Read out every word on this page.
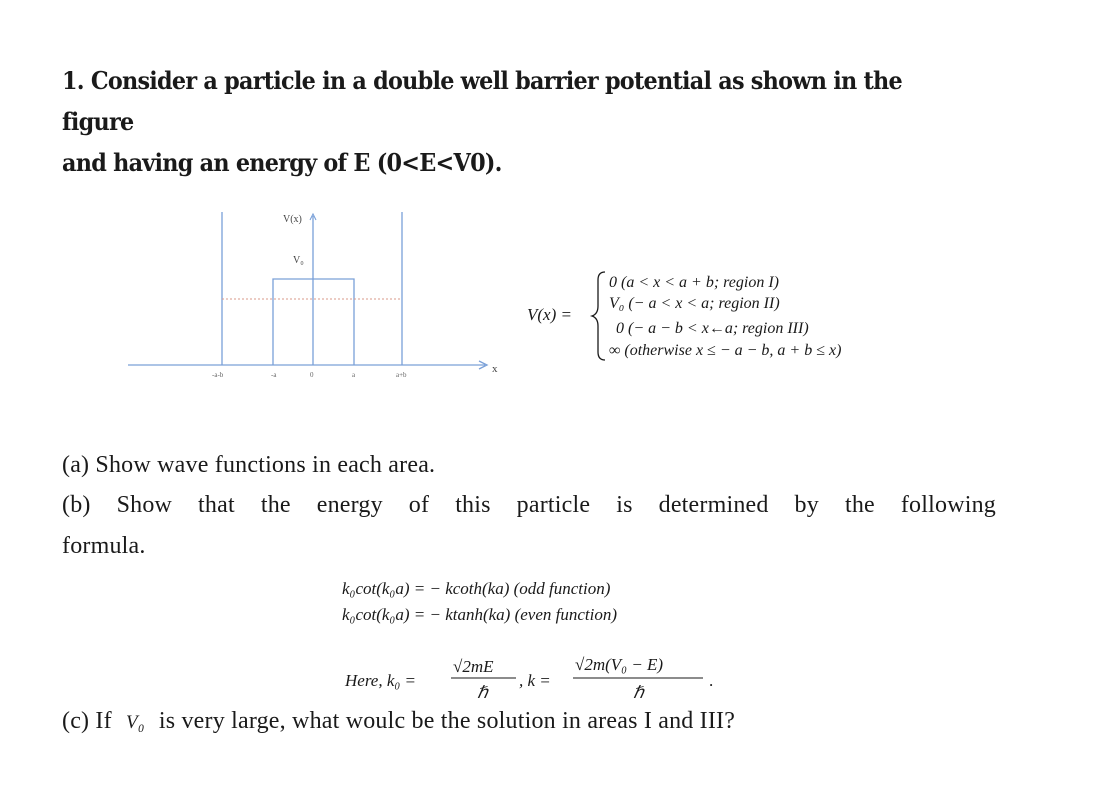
1. Consider a particle in a double well barrier potential as shown in the figure
and having an energy of E (0<E<V0).
V(x)
V₀
x
-a-b	-a	0	a	a+b
V(x) =
0 (a < x < a + b; region I)
V₀ (− a < x < a; region II)
0 (− a − b < x←a; region III)
∞ (otherwise x ≤ − a − b, a + b ≤ x)
(a) Show wave functions in each area.
(b) Show that the energy of this particle is determined by the following
formula.
k₀cot(k₀a) = − kcoth(ka) (odd function)
k₀cot(k₀a) = − ktanh(ka) (even function)
Here, k₀ =
√2mE
ℏ
, k =
√2m(V₀ − E)
ℏ
.
(c) If V₀ is very large, what woulc be the solution in areas I and III?
